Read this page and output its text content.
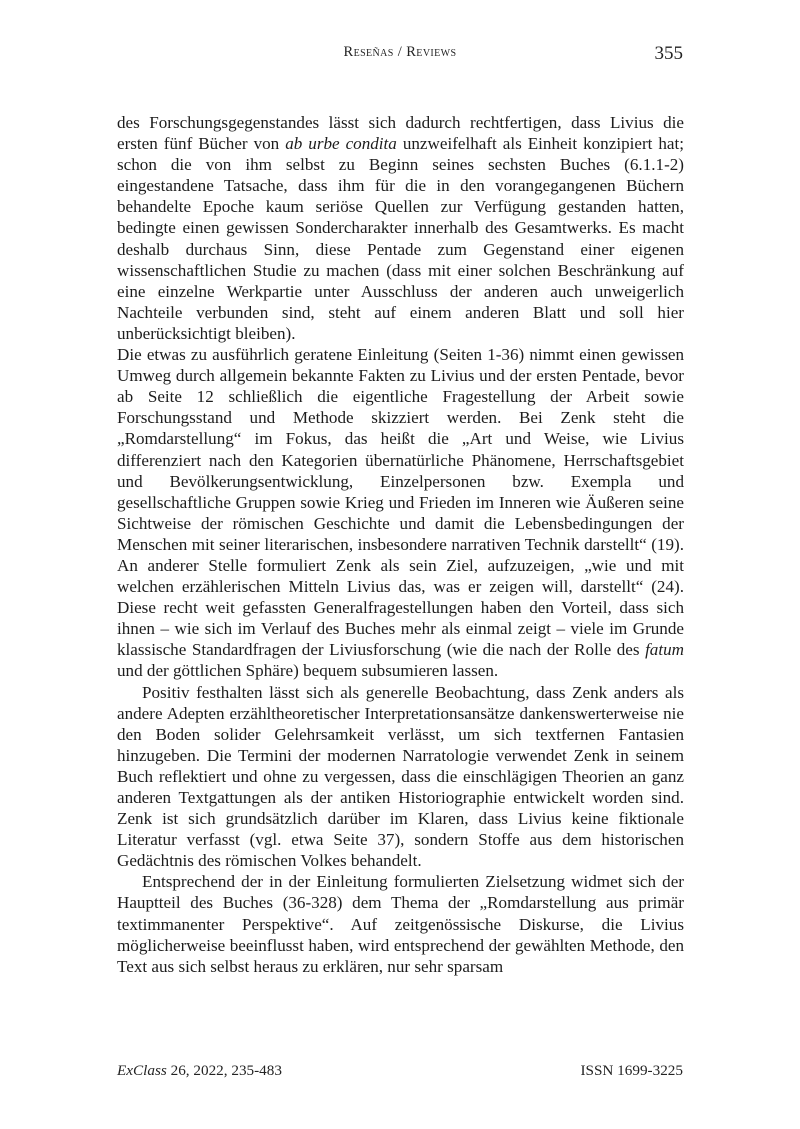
Reseñas / Reviews	355

des Forschungsgegenstandes lässt sich dadurch rechtfertigen, dass Livius die ersten fünf Bücher von ab urbe condita unzweifelhaft als Einheit konzipiert hat; schon die von ihm selbst zu Beginn seines sechsten Buches (6.1.1-2) eingestandene Tatsache, dass ihm für die in den vorangegangenen Büchern behandelte Epoche kaum seriöse Quellen zur Verfügung gestanden hatten, bedingte einen gewissen Sondercharakter innerhalb des Gesamtwerks. Es macht deshalb durchaus Sinn, diese Pentade zum Gegenstand einer eigenen wissenschaftlichen Studie zu machen (dass mit einer solchen Beschränkung auf eine einzelne Werkpartie unter Ausschluss der anderen auch unweigerlich Nachteile verbunden sind, steht auf einem anderen Blatt und soll hier unberücksichtigt bleiben).

Die etwas zu ausführlich geratene Einleitung (Seiten 1-36) nimmt einen gewissen Umweg durch allgemein bekannte Fakten zu Livius und der ersten Pentade, bevor ab Seite 12 schließlich die eigentliche Fragestellung der Arbeit sowie Forschungsstand und Methode skizziert werden. Bei Zenk steht die „Romdarstellung“ im Fokus, das heißt die „Art und Weise, wie Livius differenziert nach den Kategorien übernatürliche Phänomene, Herrschaftsgebiet und Bevölkerungsentwicklung, Einzelpersonen bzw. Exempla und gesellschaftliche Gruppen sowie Krieg und Frieden im Inneren wie Äußeren seine Sichtweise der römischen Geschichte und damit die Lebensbedingungen der Menschen mit seiner literarischen, insbesondere narrativen Technik darstellt“ (19). An anderer Stelle formuliert Zenk als sein Ziel, aufzuzeigen, „wie und mit welchen erzählerischen Mitteln Livius das, was er zeigen will, darstellt“ (24). Diese recht weit gefassten Generalfragestellungen haben den Vorteil, dass sich ihnen – wie sich im Verlauf des Buches mehr als einmal zeigt – viele im Grunde klassische Standardfragen der Liviusforschung (wie die nach der Rolle des fatum und der göttlichen Sphäre) bequem subsumieren lassen.

Positiv festhalten lässt sich als generelle Beobachtung, dass Zenk anders als andere Adepten erzähltheoretischer Interpretationsansätze dankenswerterweise nie den Boden solider Gelehrsamkeit verlässt, um sich textfernen Fantasien hinzugeben. Die Termini der modernen Narratologie verwendet Zenk in seinem Buch reflektiert und ohne zu vergessen, dass die einschlägigen Theorien an ganz anderen Textgattungen als der antiken Historiographie entwickelt worden sind. Zenk ist sich grundsätzlich darüber im Klaren, dass Livius keine fiktionale Literatur verfasst (vgl. etwa Seite 37), sondern Stoffe aus dem historischen Gedächtnis des römischen Volkes behandelt.

Entsprechend der in der Einleitung formulierten Zielsetzung widmet sich der Hauptteil des Buches (36-328) dem Thema der „Romdarstellung aus primär textimmanenter Perspektive“. Auf zeitgenössische Diskurse, die Livius möglicherweise beeinflusst haben, wird entsprechend der gewählten Methode, den Text aus sich selbst heraus zu erklären, nur sehr sparsam

ExClass 26, 2022, 235-483	ISSN 1699-3225
